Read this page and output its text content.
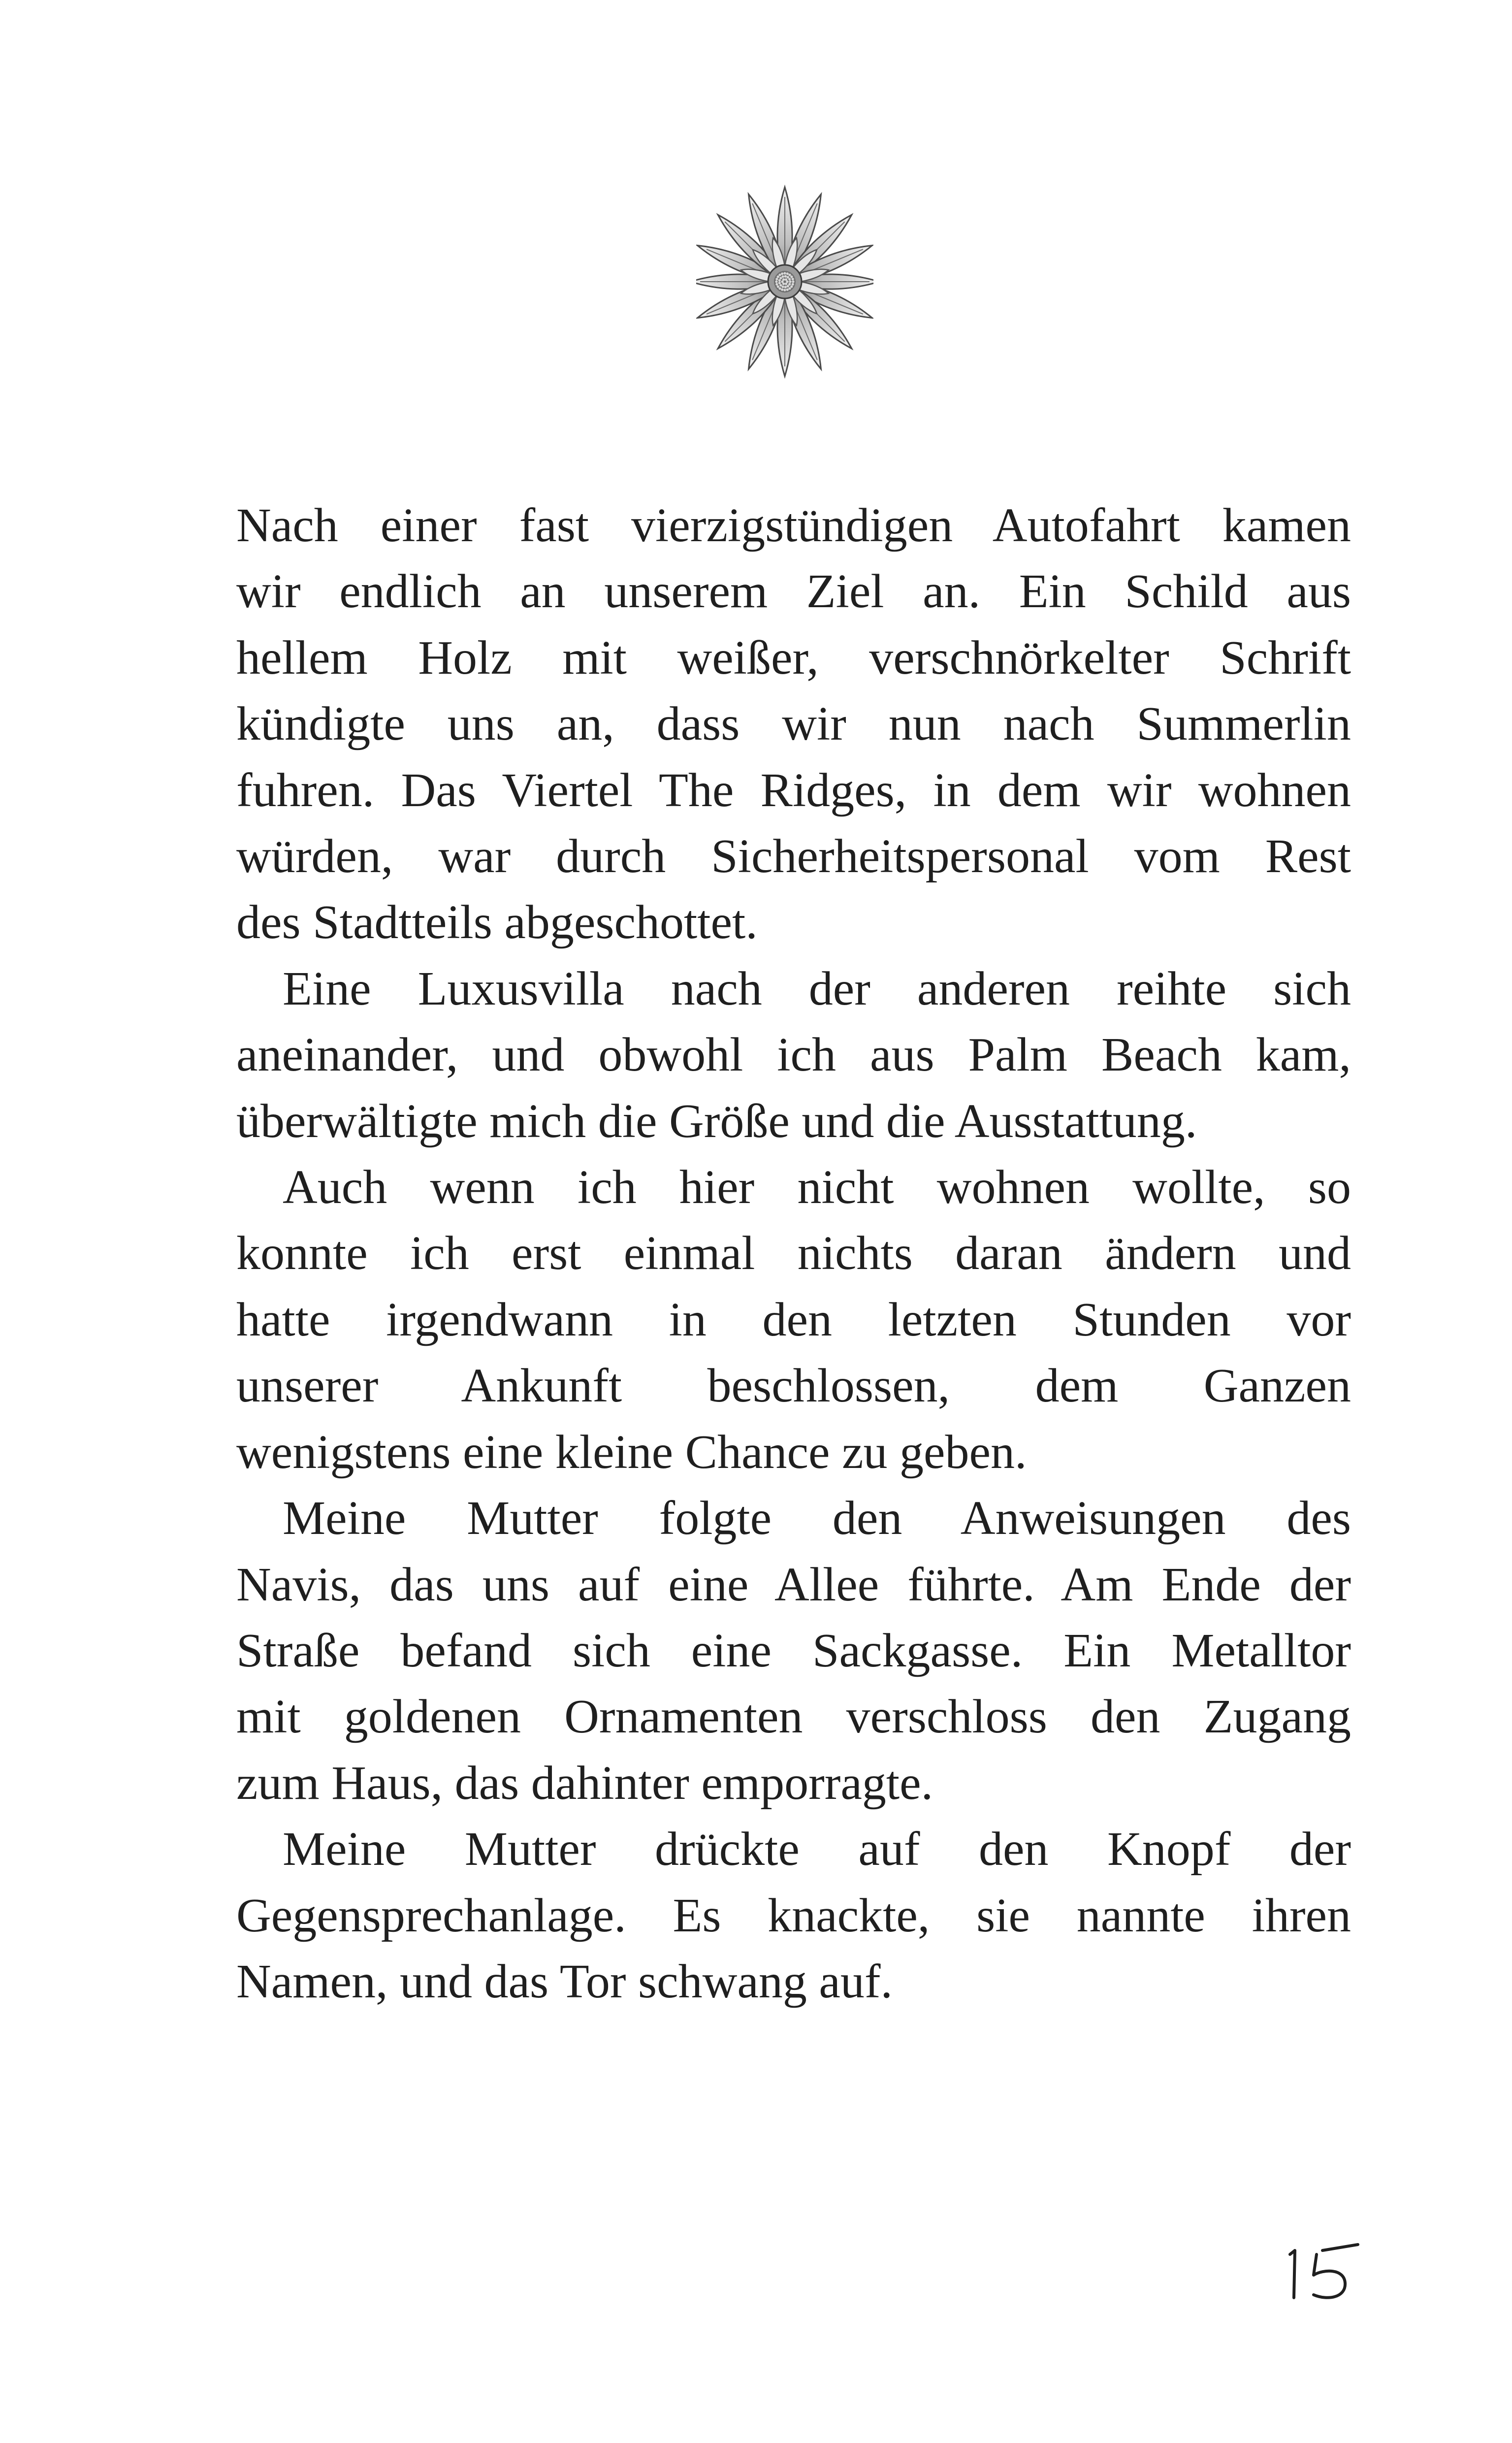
Nach einer fast vierzigstündigen Autofahrt kamen
wir endlich an unserem Ziel an. Ein Schild aus
hellem Holz mit weißer, verschnörkelter Schrift
kündigte uns an, dass wir nun nach Summerlin
fuhren. Das Viertel The Ridges, in dem wir wohnen
würden, war durch Sicherheitspersonal vom Rest
des Stadtteils abgeschottet.

Eine Luxusvilla nach der anderen reihte sich
aneinander, und obwohl ich aus Palm Beach kam,
überwältigte mich die Größe und die Ausstattung.
Auch wenn ich hier nicht wohnen wollte, so
konnte ich erst einmal nichts daran ändern und
hatte irgendwann in den letzten Stunden vor
unserer Ankunft beschlossen, dem Ganzen
wenigstens eine kleine Chance zu geben.
Meine Mutter folgte den Anweisungen des
Navis, das uns auf eine Allee führte. Am Ende der
Straße befand sich eine Sackgasse. Ein Metalltor
mit goldenen Ornamenten verschloss den Zugang
zum Haus, das dahinter emporragte.
Meine Mutter drückte auf den Knopf der
Gegensprechanlage. Es knackte, sie nannte ihren
Namen, und das Tor schwang auf.
